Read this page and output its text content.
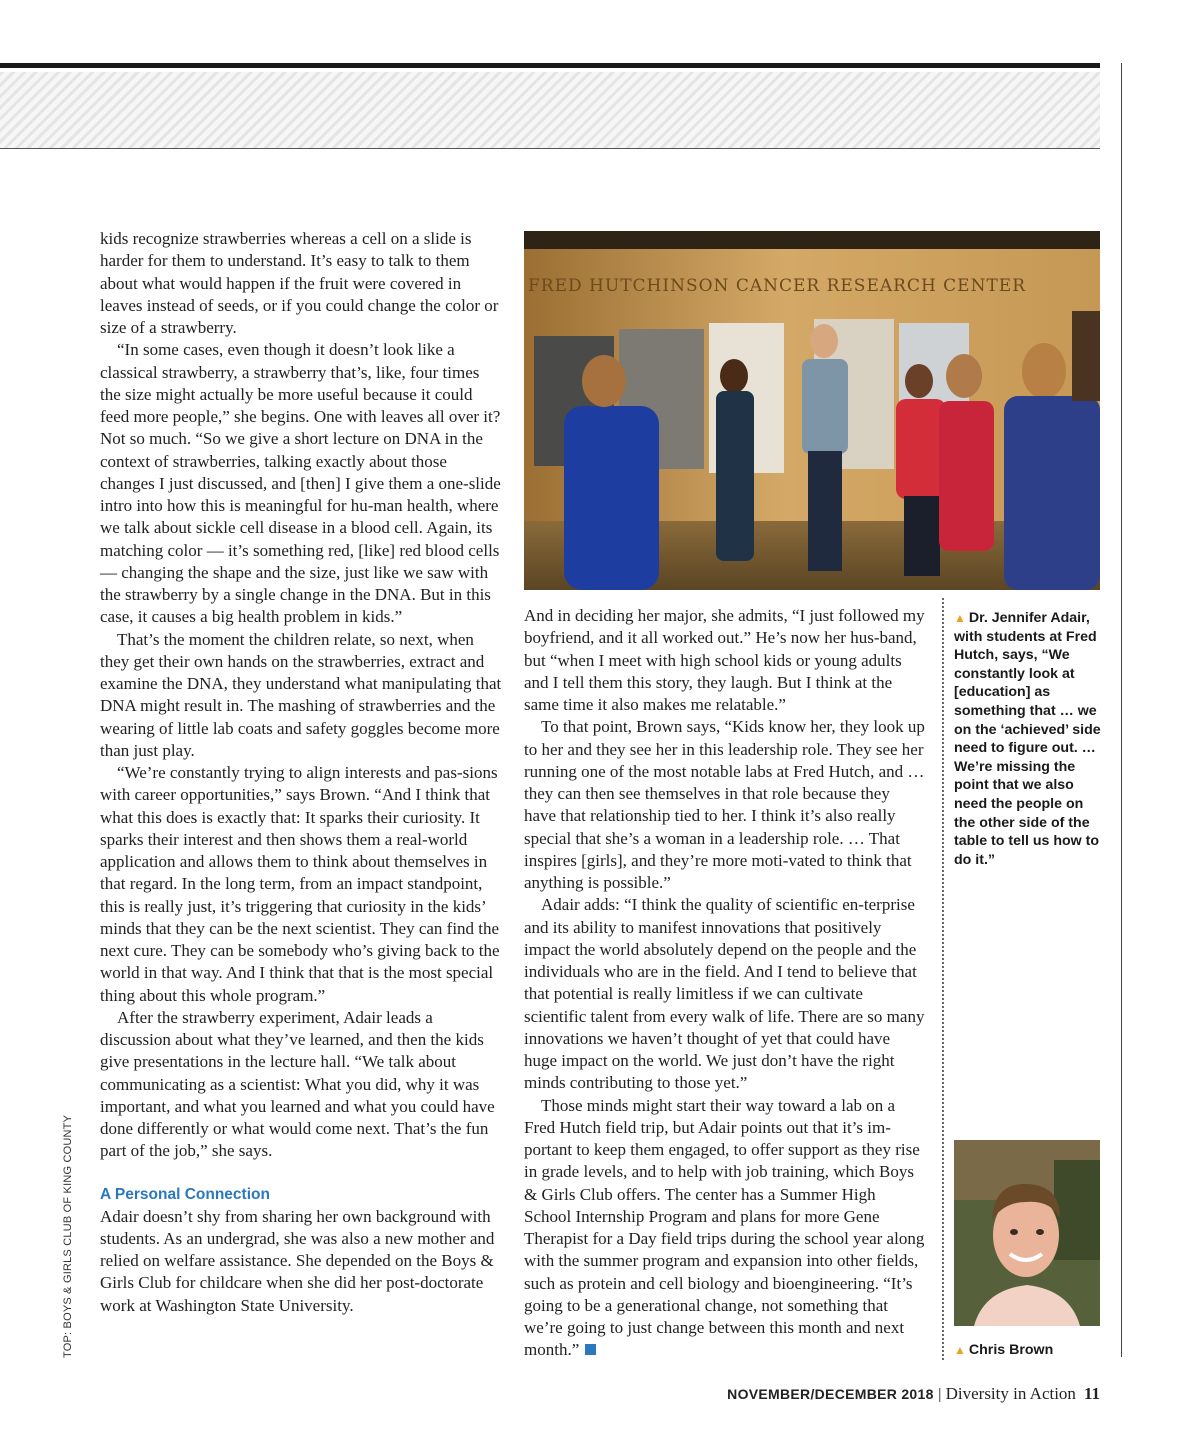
kids recognize strawberries whereas a cell on a slide is harder for them to understand. It’s easy to talk to them about what would happen if the fruit were covered in leaves instead of seeds, or if you could change the color or size of a strawberry.

“In some cases, even though it doesn’t look like a classical strawberry, a strawberry that’s, like, four times the size might actually be more useful because it could feed more people,” she begins. One with leaves all over it? Not so much. “So we give a short lecture on DNA in the context of strawberries, talking exactly about those changes I just discussed, and [then] I give them a one-slide intro into how this is meaningful for hu-man health, where we talk about sickle cell disease in a blood cell. Again, its matching color — it’s something red, [like] red blood cells — changing the shape and the size, just like we saw with the strawberry by a single change in the DNA. But in this case, it causes a big health problem in kids.”

That’s the moment the children relate, so next, when they get their own hands on the strawberries, extract and examine the DNA, they understand what manipulating that DNA might result in. The mashing of strawberries and the wearing of little lab coats and safety goggles become more than just play.

“We’re constantly trying to align interests and pas-sions with career opportunities,” says Brown. “And I think that what this does is exactly that: It sparks their curiosity. It sparks their interest and then shows them a real-world application and allows them to think about themselves in that regard. In the long term, from an impact standpoint, this is really just, it’s triggering that curiosity in the kids’ minds that they can be the next scientist. They can find the next cure. They can be somebody who’s giving back to the world in that way. And I think that that is the most special thing about this whole program.”

After the strawberry experiment, Adair leads a discussion about what they’ve learned, and then the kids give presentations in the lecture hall. “We talk about communicating as a scientist: What you did, why it was important, and what you learned and what you could have done differently or what would come next. That’s the fun part of the job,” she says.

A Personal Connection

Adair doesn’t shy from sharing her own background with students. As an undergrad, she was also a new mother and relied on welfare assistance. She depended on the Boys & Girls Club for childcare when she did her post-doctorate work at Washington State University.

FRED HUTCHINSON CANCER RESEARCH CENTER

And in deciding her major, she admits, “I just followed my boyfriend, and it all worked out.” He’s now her hus-band, but “when I meet with high school kids or young adults and I tell them this story, they laugh. But I think at the same time it also makes me relatable.”

To that point, Brown says, “Kids know her, they look up to her and they see her in this leadership role. They see her running one of the most notable labs at Fred Hutch, and … they can then see themselves in that role because they have that relationship tied to her. I think it’s also really special that she’s a woman in a leadership role. … That inspires [girls], and they’re more moti-vated to think that anything is possible.”

Adair adds: “I think the quality of scientific en-terprise and its ability to manifest innovations that positively impact the world absolutely depend on the people and the individuals who are in the field. And I tend to believe that that potential is really limitless if we can cultivate scientific talent from every walk of life. There are so many innovations we haven’t thought of yet that could have huge impact on the world. We just don’t have the right minds contributing to those yet.”

Those minds might start their way toward a lab on a Fred Hutch field trip, but Adair points out that it’s im-portant to keep them engaged, to offer support as they rise in grade levels, and to help with job training, which Boys & Girls Club offers. The center has a Summer High School Internship Program and plans for more Gene Therapist for a Day field trips during the school year along with the summer program and expansion into other fields, such as protein and cell biology and bioengineering. “It’s going to be a generational change, not something that we’re going to just change between this month and next month.”

▲ Dr. Jennifer Adair, with students at Fred Hutch, says, “We constantly look at [education] as something that … we on the ‘achieved’ side need to figure out. … We’re missing the point that we also need the people on the other side of the table to tell us how to do it.”
▲ Chris Brown
TOP: BOYS & GIRLS CLUB OF KING COUNTY
NOVEMBER/DECEMBER 2018 | Diversity in Action 11
